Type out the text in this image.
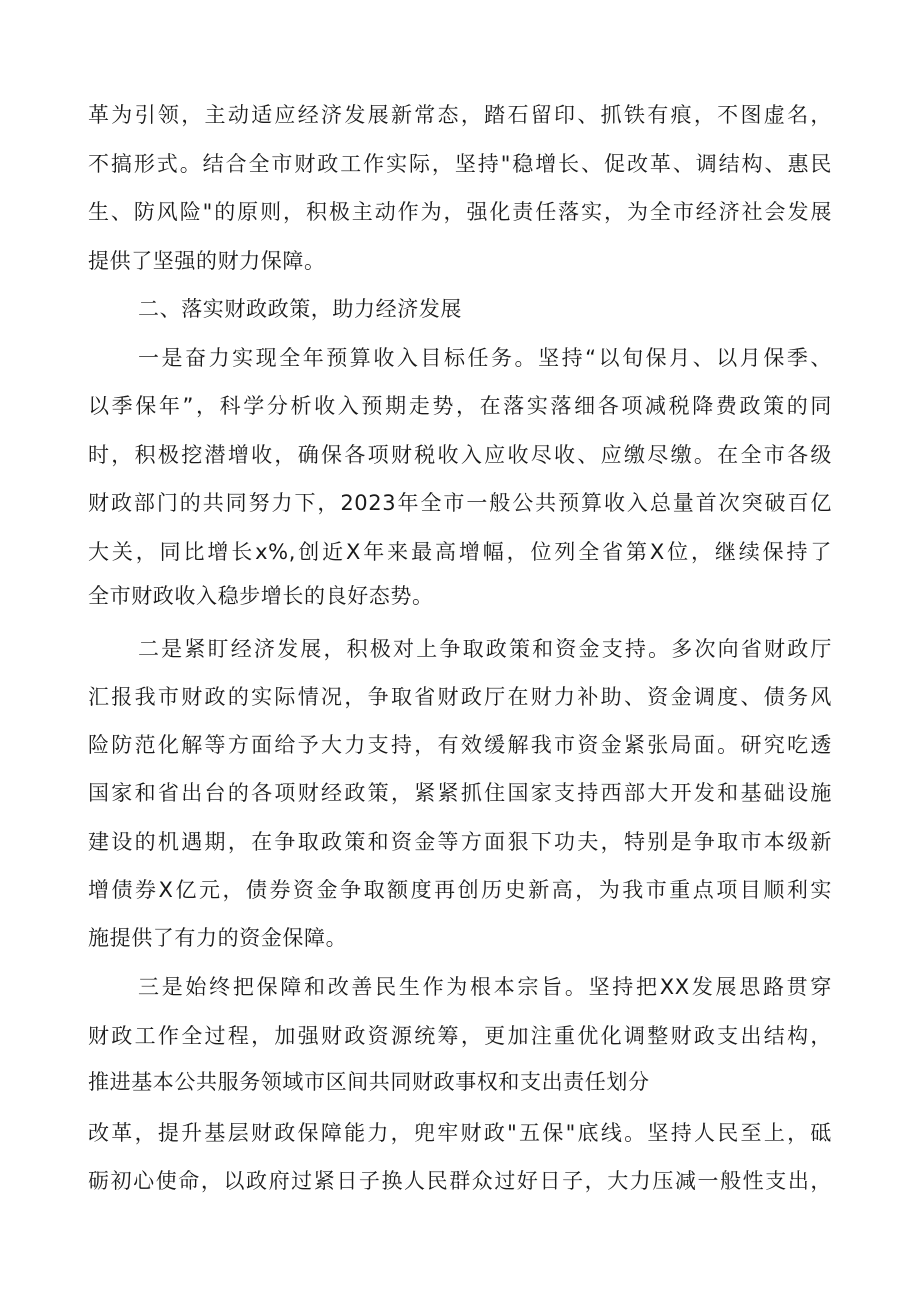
革为引领，主动适应经济发展新常态，踏石留印、抓铁有痕，不图虚名，
不搞形式。结合全市财政工作实际，坚持"稳增长、促改革、调结构、惠民
生、防风险"的原则，积极主动作为，强化责任落实，为全市经济社会发展
提供了坚强的财力保障。
二、落实财政政策，助力经济发展
一是奋力实现全年预算收入目标任务。坚持“以旬保月、以月保季、
以季保年”，科学分析收入预期走势，在落实落细各项减税降费政策的同
时，积极挖潜增收，确保各项财税收入应收尽收、应缴尽缴。在全市各级
财政部门的共同努力下，2023年全市一般公共预算收入总量首次突破百亿
大关，同比增长x%,创近X年来最高增幅，位列全省第X位，继续保持了
全市财政收入稳步增长的良好态势。
二是紧盯经济发展，积极对上争取政策和资金支持。多次向省财政厅
汇报我市财政的实际情况，争取省财政厅在财力补助、资金调度、债务风
险防范化解等方面给予大力支持，有效缓解我市资金紧张局面。研究吃透
国家和省出台的各项财经政策，紧紧抓住国家支持西部大开发和基础设施
建设的机遇期，在争取政策和资金等方面狠下功夫，特别是争取市本级新
增债券X亿元，债券资金争取额度再创历史新高，为我市重点项目顺利实
施提供了有力的资金保障。
三是始终把保障和改善民生作为根本宗旨。坚持把XX发展思路贯穿
财政工作全过程，加强财政资源统筹，更加注重优化调整财政支出结构，
推进基本公共服务领域市区间共同财政事权和支出责任划分
改革，提升基层财政保障能力，兜牢财政"五保"底线。坚持人民至上，砥
砺初心使命，以政府过紧日子换人民群众过好日子，大力压减一般性支出，
